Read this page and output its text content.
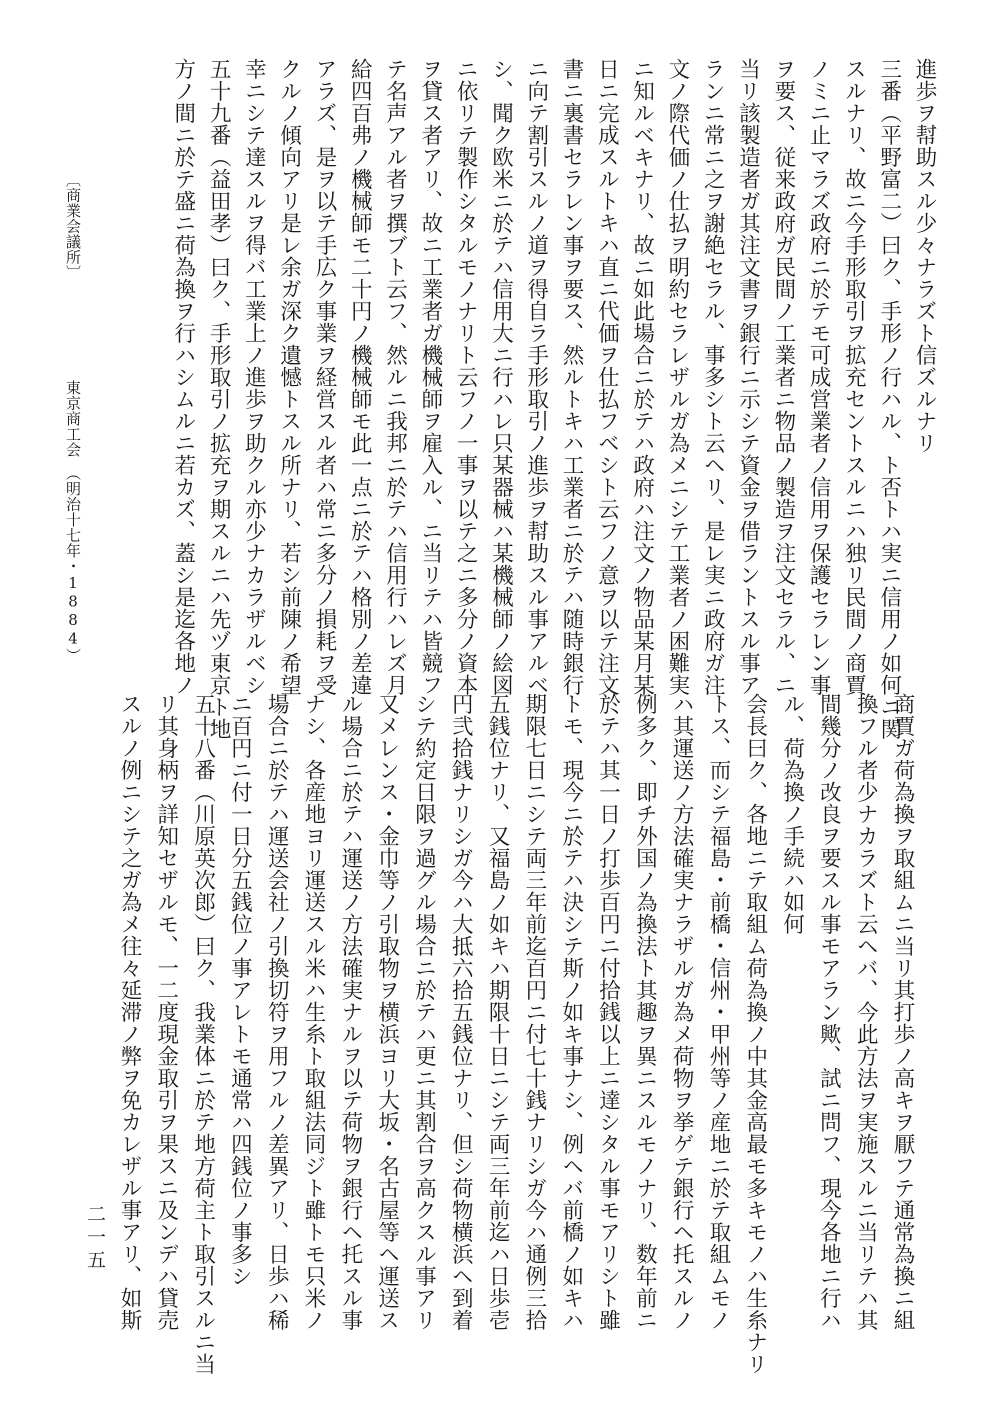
進歩ヲ幇助スル少々ナラズト信ズルナリ
三番（平野富二）曰ク、手形ノ行ハル、ト否トハ実ニ信用ノ如何ニ関
スルナリ、故ニ今手形取引ヲ拡充セントスルニハ独リ民間ノ商賈
ノミニ止マラズ政府ニ於テモ可成営業者ノ信用ヲ保護セラレン事
ヲ要ス、従来政府ガ民間ノ工業者ニ物品ノ製造ヲ注文セラル、ニ
当リ該製造者ガ其注文書ヲ銀行ニ示シテ資金ヲ借ラントスル事ア
ランニ常ニ之ヲ謝絶セラル、事多シト云ヘリ、是レ実ニ政府ガ注
文ノ際代価ノ仕払ヲ明約セラレザルガ為メニシテ工業者ノ困難実
ニ知ルベキナリ、故ニ如此場合ニ於テハ政府ハ注文ノ物品某月某
日ニ完成スルトキハ直ニ代価ヲ仕払フベシト云フノ意ヲ以テ注文
書ニ裏書セラレン事ヲ要ス、然ルトキハ工業者ニ於テハ随時銀行
ニ向テ割引スルノ道ヲ得自ラ手形取引ノ進歩ヲ幇助スル事アルベ
シ、聞ク欧米ニ於テハ信用大ニ行ハレ只某器械ハ某機械師ノ絵図
ニ依リテ製作シタルモノナリト云フノ一事ヲ以テ之ニ多分ノ資本
ヲ貸ス者アリ、故ニ工業者ガ機械師ヲ雇入ル、ニ当リテハ皆競フ
テ名声アル者ヲ撰ブト云フ、然ルニ我邦ニ於テハ信用行ハレズ月
給四百弗ノ機械師モ二十円ノ機械師モ此一点ニ於テハ格別ノ差違
アラズ、是ヲ以テ手広ク事業ヲ経営スル者ハ常ニ多分ノ損耗ヲ受
クルノ傾向アリ是レ余ガ深ク遺憾トスル所ナリ、若シ前陳ノ希望
幸ニシテ達スルヲ得バ工業上ノ進歩ヲ助クル亦少ナカラザルベシ
五十九番（益田孝）曰ク、手形取引ノ拡充ヲ期スルニハ先ヅ東京ト地
方ノ間ニ於テ盛ニ荷為換ヲ行ハシムルニ若カズ、蓋シ是迄各地ノ
商賈ガ荷為換ヲ取組ムニ当リ其打歩ノ高キヲ厭フテ通常為換ニ組
換フル者少ナカラズト云ヘバ、今此方法ヲ実施スルニ当リテハ其
間幾分ノ改良ヲ要スル事モアラン歟、試ニ問フ、現今各地ニ行ハ
ル、荷為換ノ手続ハ如何
会長曰ク、各地ニテ取組ム荷為換ノ中其金高最モ多キモノハ生糸ナリ
トス、而シテ福島・前橋・信州・甲州等ノ産地ニ於テ取組ムモノ
ハ其運送ノ方法確実ナラザルガ為メ荷物ヲ挙ゲテ銀行ヘ托スルノ
例多ク、即チ外国ノ為換法ト其趣ヲ異ニスルモノナリ、数年前ニ
於テハ其一日ノ打歩百円ニ付拾銭以上ニ達シタル事モアリシト雖
トモ、現今ニ於テハ決シテ斯ノ如キ事ナシ、例ヘバ前橋ノ如キハ
期限七日ニシテ両三年前迄百円ニ付七十銭ナリシガ今ハ通例三拾
五銭位ナリ、又福島ノ如キハ期限十日ニシテ両三年前迄ハ日歩壱
円弐拾銭ナリシガ今ハ大抵六拾五銭位ナリ、但シ荷物横浜ヘ到着
シテ約定日限ヲ過グル場合ニ於テハ更ニ其割合ヲ高クスル事アリ
又メレンス・金巾等ノ引取物ヲ横浜ヨリ大坂・名古屋等ヘ運送ス
ル場合ニ於テハ運送ノ方法確実ナルヲ以テ荷物ヲ銀行ヘ托スル事
ナシ、各産地ヨリ運送スル米ハ生糸ト取組法同ジト雖トモ只米ノ
場合ニ於テハ運送会社ノ引換切符ヲ用フルノ差異アリ、日歩ハ稀
ニ百円ニ付一日分五銭位ノ事アレトモ通常ハ四銭位ノ事多シ
五十八番（川原英次郎）曰ク、我業体ニ於テ地方荷主ト取引スルニ当
リ其身柄ヲ詳知セザルモ、一二度現金取引ヲ果スニ及ンデハ貸売
スルノ例ニシテ之ガ為メ往々延滞ノ弊ヲ免カレザル事アリ、如斯
〔商業会議所〕
東京商工会　（明治十七年・1884）
二一五
